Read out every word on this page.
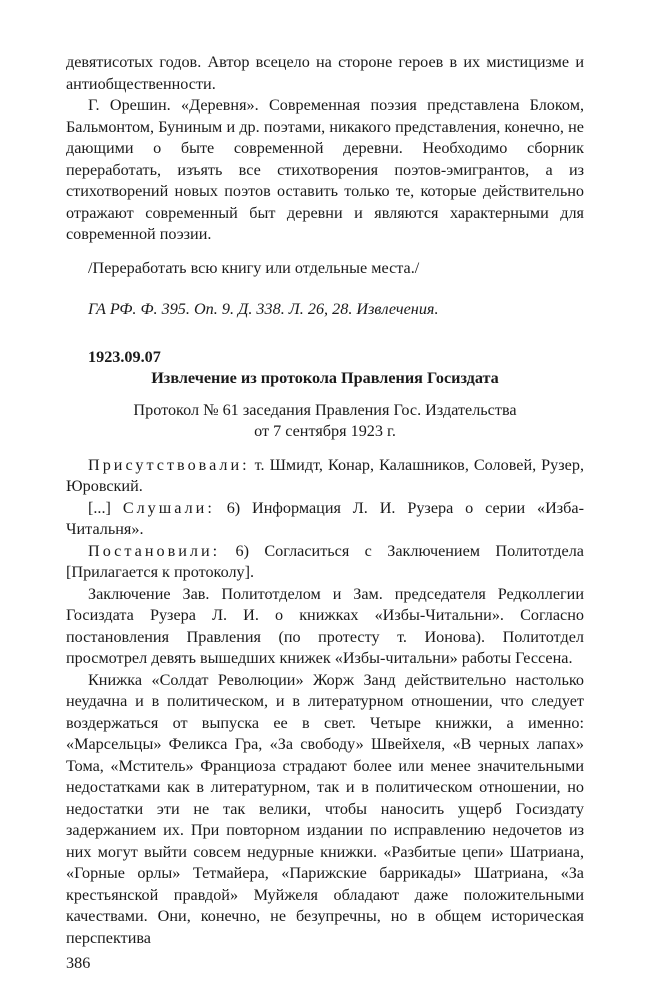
девятисотых годов. Автор всецело на стороне героев в их мистицизме и антиобщественности.

Г. Орешин. «Деревня». Современная поэзия представлена Блоком, Бальмонтом, Буниным и др. поэтами, никакого представления, конечно, не дающими о быте современной деревни. Необходимо сборник переработать, изъять все стихотворения поэтов-эмигрантов, а из стихотворений новых поэтов оставить только те, которые действительно отражают современный быт деревни и являются характерными для современной поэзии.

/Переработать всю книгу или отдельные места./

ГА РФ. Ф. 395. Оп. 9. Д. 338. Л. 26, 28. Извлечения.

1923.09.07

Извлечение из протокола Правления Госиздата

Протокол № 61 заседания Правления Гос. Издательства
от 7 сентября 1923 г.

Присутствовали: т. Шмидт, Конар, Калашников, Соловей, Рузер, Юровский.

[...] Слушали: 6) Информация Л. И. Рузера о серии «Изба-Читальня».

Постановили: 6) Согласиться с Заключением Политотдела [Прилагается к протоколу].

Заключение Зав. Политотделом и Зам. председателя Редколлегии Госиздата Рузера Л. И. о книжках «Избы-Читальни». Согласно постановления Правления (по протесту т. Ионова). Политотдел просмотрел девять вышедших книжек «Избы-читальни» работы Гессена.

Книжка «Солдат Революции» Жорж Занд действительно настолько неудачна и в политическом, и в литературном отношении, что следует воздержаться от выпуска ее в свет. Четыре книжки, а именно: «Марсельцы» Феликса Гра, «За свободу» Швейхеля, «В черных лапах» Тома, «Мститель» Франциоза страдают более или менее значительными недостатками как в литературном, так и в политическом отношении, но недостатки эти не так велики, чтобы наносить ущерб Госиздату задержанием их. При повторном издании по исправлению недочетов из них могут выйти совсем недурные книжки. «Разбитые цепи» Шатриана, «Горные орлы» Тетмайера, «Парижские баррикады» Шатриана, «За крестьянской правдой» Муйжеля обладают даже положительными качествами. Они, конечно, не безупречны, но в общем историческая перспектива

386
